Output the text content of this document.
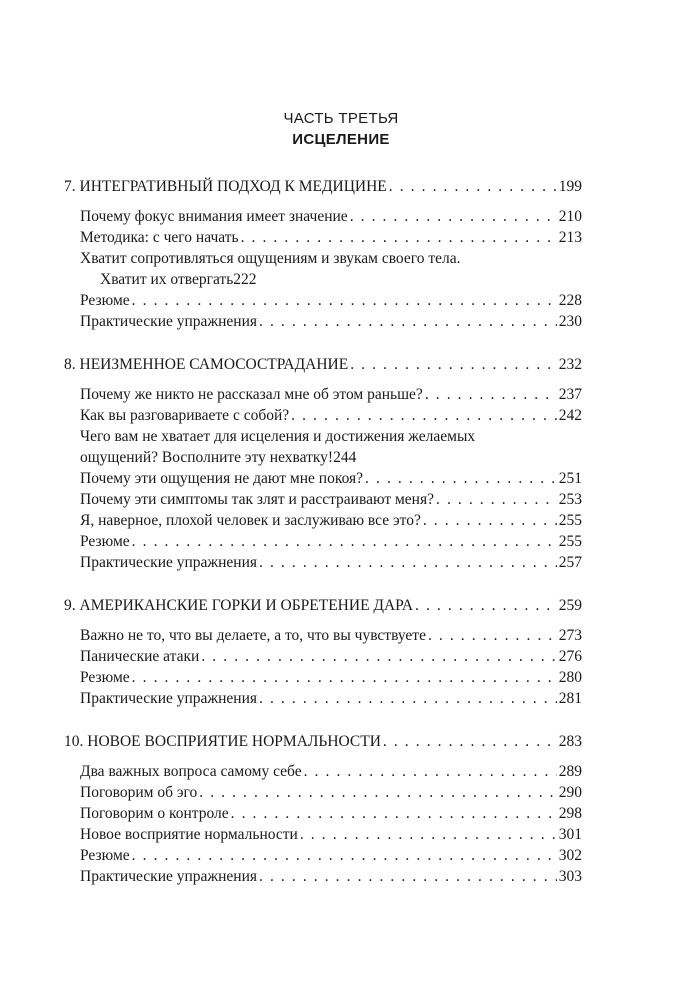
ЧАСТЬ ТРЕТЬЯ
ИСЦЕЛЕНИЕ
7. ИНТЕГРАТИВНЫЙ ПОДХОД К МЕДИЦИНЕ . . .	199
Почему фокус внимания имеет значение . . .	210
Методика: с чего начать . . .	213
Хватит сопротивляться ощущениям и звукам своего тела.
Хватит их отвергать 222
Резюме . . .	228
Практические упражнения . . .	230
8. НЕИЗМЕННОЕ САМОСОСТРАДАНИЕ . . .	232
Почему же никто не рассказал мне об этом раньше? . . .	237
Как вы разговариваете с собой? . . .	242
Чего вам не хватает для исцеления и достижения желаемых
ощущений? Восполните эту нехватку! 244
Почему эти ощущения не дают мне покоя? . . .	251
Почему эти симптомы так злят и расстраивают меня? . . .	253
Я, наверное, плохой человек и заслуживаю все это? . . .	255
Резюме . . .	255
Практические упражнения . . .	257
9. АМЕРИКАНСКИЕ ГОРКИ И ОБРЕТЕНИЕ ДАРА . . .	259
Важно не то, что вы делаете, а то, что вы чувствуете . . .	273
Панические атаки . . .	276
Резюме . . .	280
Практические упражнения . . .	281
10. НОВОЕ ВОСПРИЯТИЕ НОРМАЛЬНОСТИ . . .	283
Два важных вопроса самому себе . . .	289
Поговорим об эго . . .	290
Поговорим о контроле . . .	298
Новое восприятие нормальности . . .	301
Резюме . . .	302
Практические упражнения . . .	303
